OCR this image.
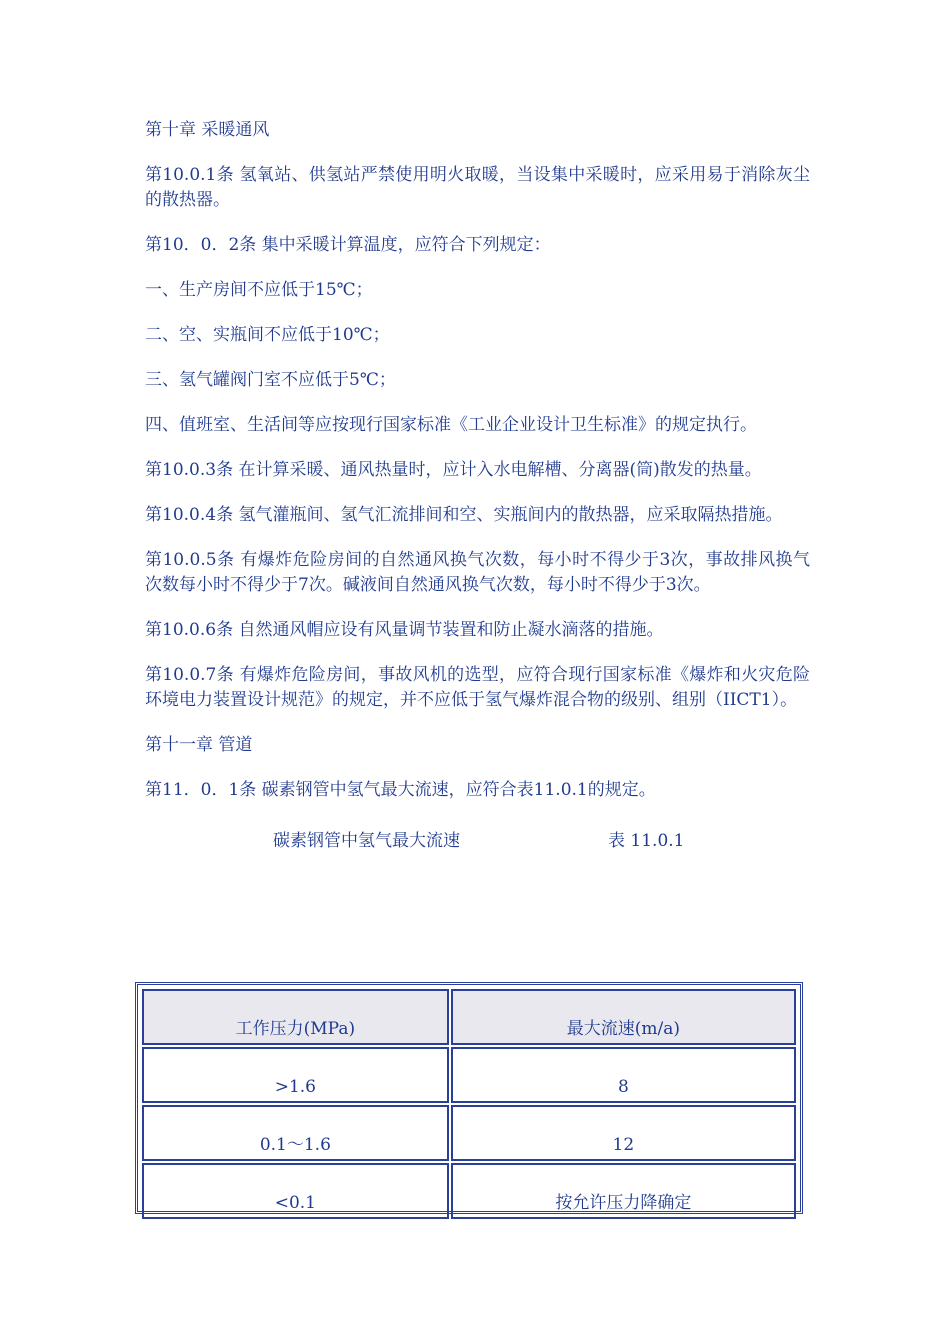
第十章 采暖通风

第10.0.1条 氢氧站、供氢站严禁使用明火取暖，当设集中采暖时，应采用易于消除灰尘的散热器。

第10．0．2条 集中采暖计算温度，应符合下列规定：

一、生产房间不应低于15℃；

二、空、实瓶间不应低于10℃；

三、氢气罐阀门室不应低于5℃；

四、值班室、生活间等应按现行国家标准《工业企业设计卫生标准》的规定执行。

第10.0.3条 在计算采暖、通风热量时，应计入水电解槽、分离器(筒)散发的热量。

第10.0.4条 氢气灌瓶间、氢气汇流排间和空、实瓶间内的散热器，应采取隔热措施。

第10.0.5条 有爆炸危险房间的自然通风换气次数，每小时不得少于3次，事故排风换气次数每小时不得少于7次。碱液间自然通风换气次数，每小时不得少于3次。

第10.0.6条 自然通风帽应设有风量调节装置和防止凝水滴落的措施。

第10.0.7条 有爆炸危险房间，事故风机的选型，应符合现行国家标准《爆炸和火灾危险环境电力装置设计规范》的规定，并不应低于氢气爆炸混合物的级别、组别（IICT1）。

第十一章 管道

第11．0．1条 碳素钢管中氢气最大流速，应符合表11.0.1的规定。

碳素钢管中氢气最大流速	表 11.0.1
工作压力(MPa)	最大流速(m/a)
>1.6	8
0.1～1.6	12
<0.1	按允许压力降确定
